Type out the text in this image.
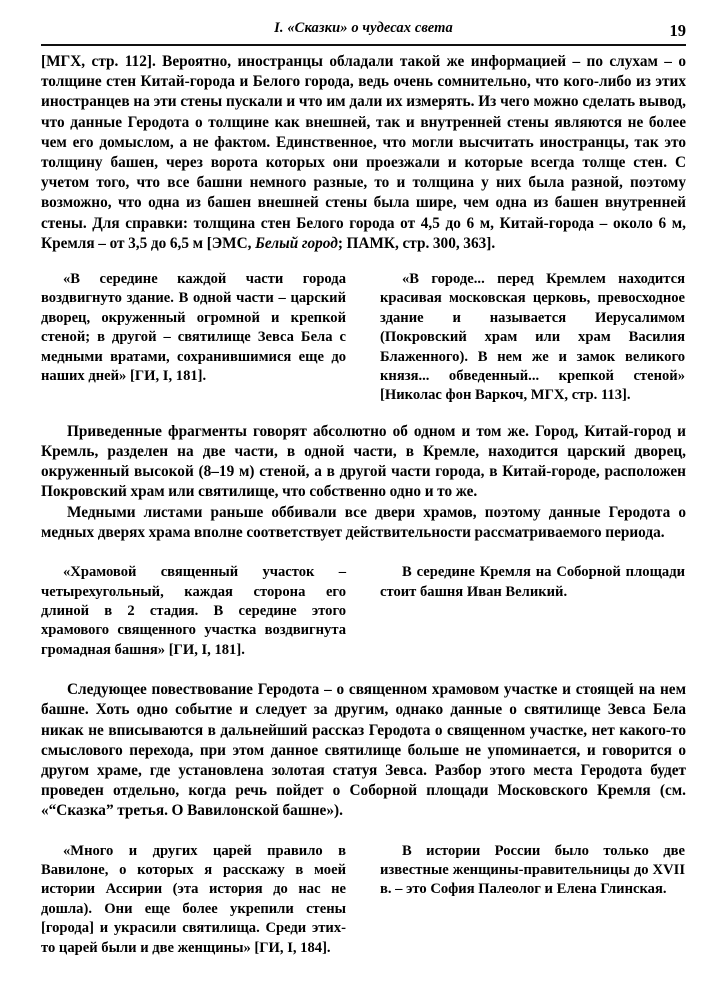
I. «Сказки» о чудесах света	19

[МГХ, стр. 112]. Вероятно, иностранцы обладали такой же информацией – по слухам – о толщине стен Китай-города и Белого города, ведь очень сомнительно, что кого-либо из этих иностранцев на эти стены пускали и что им дали их измерять. Из чего можно сделать вывод, что данные Геродота о толщине как внешней, так и внутренней стены являются не более чем его домыслом, а не фактом. Единственное, что могли высчитать иностранцы, так это толщину башен, через ворота которых они проезжали и которые всегда толще стен. С учетом того, что все башни немного разные, то и толщина у них была разной, поэтому возможно, что одна из башен внешней стены была шире, чем одна из башен внутренней стены. Для справки: толщина стен Белого города от 4,5 до 6 м, Китай-города – около 6 м, Кремля – от 3,5 до 6,5 м [ЭМС, Белый город; ПАМК, стр. 300, 363].

«В середине каждой части города воздвигнуто здание. В одной части – царский дворец, окруженный огромной и крепкой стеной; в другой – святилище Зевса Бела с медными вратами, сохранившимися еще до наших дней» [ГИ, I, 181].

«В городе... перед Кремлем находится красивая московская церковь, превосходное здание и называется Иерусалимом (Покровский храм или храм Василия Блаженного). В нем же и замок великого князя... обведенный... крепкой стеной» [Николас фон Варкоч, МГХ, стр. 113].

Приведенные фрагменты говорят абсолютно об одном и том же. Город, Китай-город и Кремль, разделен на две части, в одной части, в Кремле, находится царский дворец, окруженный высокой (8–19 м) стеной, а в другой части города, в Китай-городе, расположен Покровский храм или святилище, что собственно одно и то же.

Медными листами раньше оббивали все двери храмов, поэтому данные Геродота о медных дверях храма вполне соответствует действительности рассматриваемого периода.

«Храмовой священный участок – четырехугольный, каждая сторона его длиной в 2 стадия. В середине этого храмового священного участка воздвигнута громадная башня» [ГИ, I, 181].

В середине Кремля на Соборной площади стоит башня Иван Великий.

Следующее повествование Геродота – о священном храмовом участке и стоящей на нем башне. Хоть одно событие и следует за другим, однако данные о святилище Зевса Бела никак не вписываются в дальнейший рассказ Геродота о священном участке, нет какого-то смыслового перехода, при этом данное святилище больше не упоминается, и говорится о другом храме, где установлена золотая статуя Зевса. Разбор этого места Геродота будет проведен отдельно, когда речь пойдет о Соборной площади Московского Кремля (см. «“Сказка” третья. О Вавилонской башне»).

«Много и других царей правило в Вавилоне, о которых я расскажу в моей истории Ассирии (эта история до нас не дошла). Они еще более укрепили стены [города] и украсили святилища. Среди этих-то царей были и две женщины» [ГИ, I, 184].

В истории России было только две известные женщины-правительницы до XVII в. – это София Палеолог и Елена Глинская.
